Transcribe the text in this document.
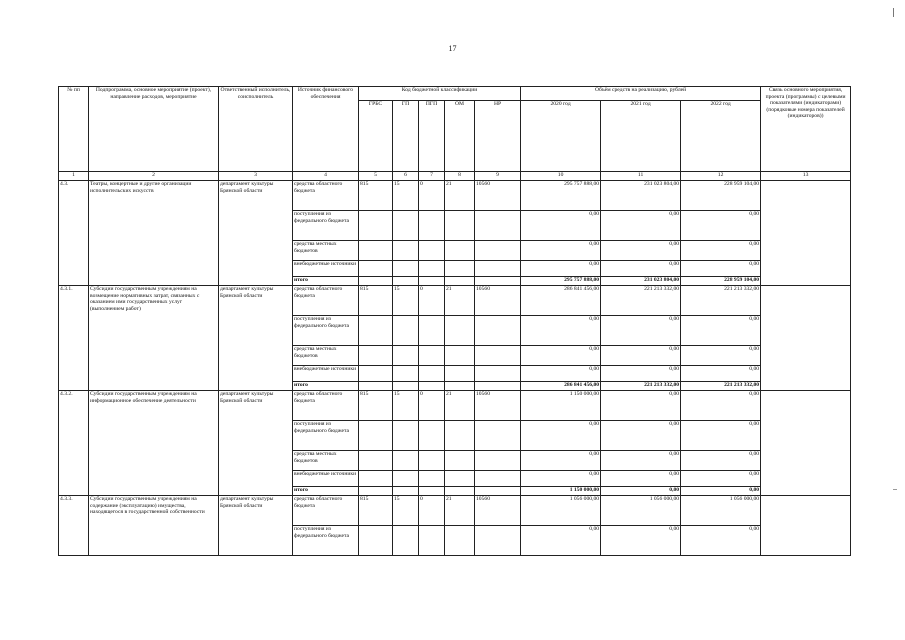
17
№ пп	Подпрограмма, основное мероприятие (проект), направление расходов, мероприятие	Ответственный исполнитель, соисполнитель	Источник финансового обеспечения	Код бюджетной классификации					Объём средств на реализацию, рублей			Связь основного мероприятия, проекта (программы) с целевыми показателями (индикаторами) (порядковые номера показателей (индикаторов))
				ГРБС	ГП	ПГП	ОМ	НР	2020 год	2021 год	2022 год	
1	2	3	4	5	6	7	8	9	10	11	12	13
4.3.	Театры, концертные и другие организации исполнительских искусств	департамент культуры Брянской области	средства областного бюджета	815	15	0	21	10560	295 757 888,00	231 023 804,00	228 959 104,00	
			поступления из федерального бюджета						0,00	0,00	0,00	
			средства местных бюджетов						0,00	0,00	0,00	
			внебюджетные источники						0,00	0,00	0,00	
			итого						295 757 888,00	231 023 804,00	228 959 104,00	
4.3.1.	Субсидии государственным учреждениям на возмещение нормативных затрат, связанных с оказанием ими государственных услуг (выполнением работ)	департамент культуры Брянской области	средства областного бюджета	815	15	0	21	10560	286 841 456,00	221 213 332,00	221 213 332,00	
			поступления из федерального бюджета						0,00	0,00	0,00	
			средства местных бюджетов						0,00	0,00	0,00	
			внебюджетные источники						0,00	0,00	0,00	
			итого						286 841 456,00	221 213 332,00	221 213 332,00	
4.3.2.	Субсидии государственным учреждениям на информационное обеспечение деятельности	департамент культуры Брянской области	средства областного бюджета	815	15	0	21	10560	1 150 000,00	0,00	0,00	
			поступления из федерального бюджета						0,00	0,00	0,00	
			средства местных бюджетов						0,00	0,00	0,00	
			внебюджетные источники						0,00	0,00	0,00	
			итого						1 150 000,00	0,00	0,00	
4.3.3.	Субсидии государственным учреждениям на содержание (эксплуатацию) имущества, находящегося в государственной собственности	департамент культуры Брянской области	средства областного бюджета	815	15	0	21	10560	1 056 000,00	1 056 000,00	1 056 000,00	
			поступления из федерального бюджета						0,00	0,00	0,00	
